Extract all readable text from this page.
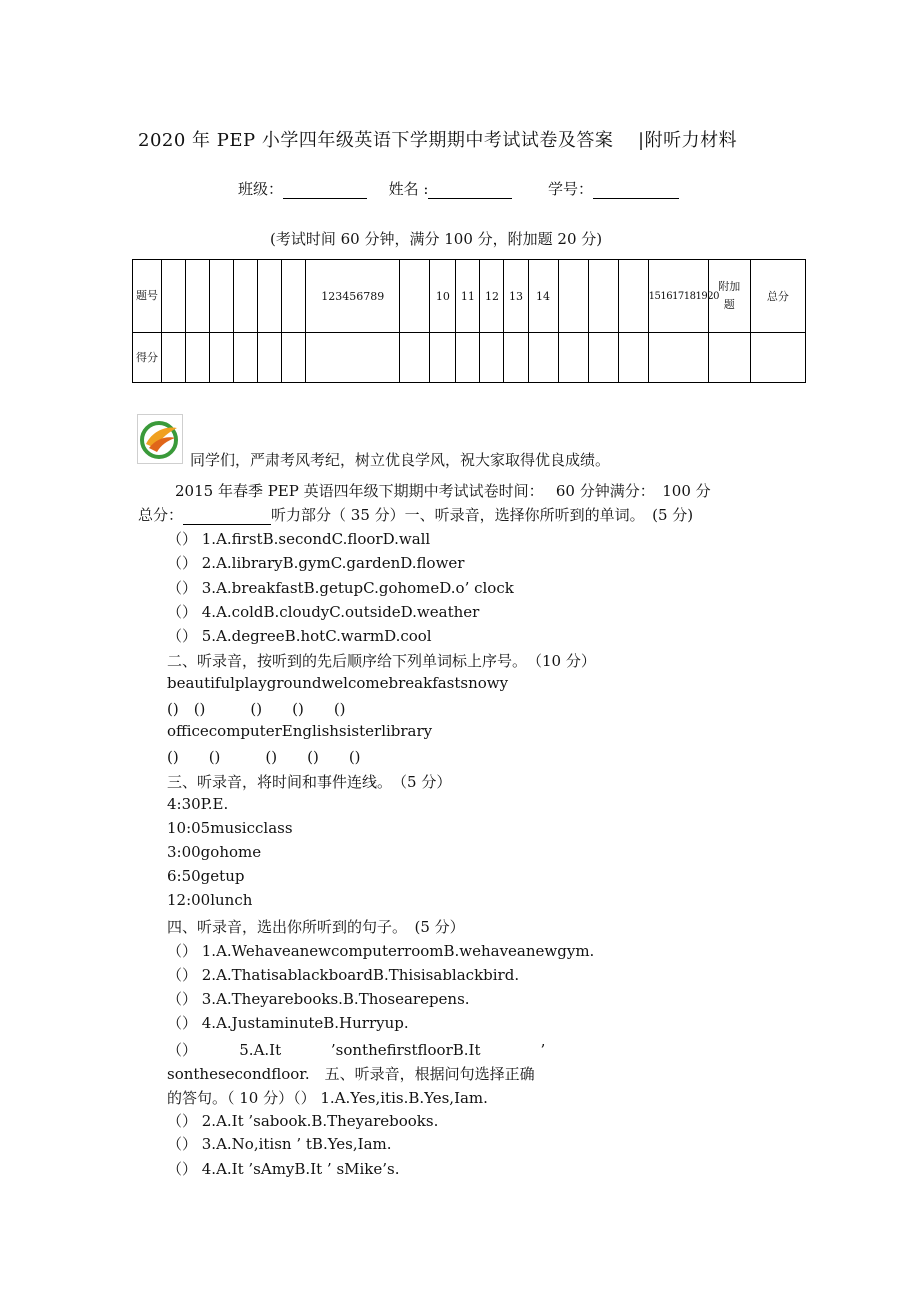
2020 年 PEP 小学四年级英语下学期期中考试试卷及答案　 |附听力材料
班级：	姓名 :	学号：
(考试时间 60 分钟，满分 100 分，附加题 20 分)
题号							123456789		10	11	12	13	14				151617181920	附加题	总分
得分																			
同学们，严肃考风考纪，树立优良学风，祝大家取得优良成绩。
2015 年春季 PEP 英语四年级下期期中考试试卷时间：　 60 分钟满分：　100 分
总分：	听力部分（ 35 分）一、听录音，选择你所听到的单词。　(5 分)
（） 1.A.firstB.secondC.floorD.wall
（） 2.A.libraryB.gymC.gardenD.flower
（） 3.A.breakfastB.getupC.gohomeD.o’ clock
（） 4.A.coldB.cloudyC.outsideD.weather
（） 5.A.degreeB.hotC.warmD.cool
二、听录音，按听到的先后顺序给下列单词标上序号。　（10 分）
beautifulplaygroundwelcomebreakfastsnowy
()　()　　　()　　()　　()
officecomputerEnglishsisterlibrary
()　　()　　　()　　()　　()
三、听录音，将时间和事件连线。　（5 分）
4:30P.E.
10:05musicclass
3:00gohome
6:50getup
12:00lunch
四、听录音，选出你所听到的句子。　(5 分）
（） 1.A.WehaveanewcomputerroomB.wehaveanewgym.
（） 2.A.ThatisablackboardB.Thisisablackbird.
（） 3.A.Theyarebooks.B.Thosearepens.
（） 4.A.JustaminuteB.Hurryup.
（）　　　 5.A.It　　　 ’sonthefirstfloorB.It　　　　’
sonthesecondfloor.　五、听录音，根据问句选择正确
的答句。（ 10 分）（） 1.A.Yes,itis.B.Yes,Iam.
（） 2.A.It ’sabook.B.Theyarebooks.
（） 3.A.No,itisn ’ tB.Yes,Iam.
（） 4.A.It ’sAmyB.It ’ sMike’s.
